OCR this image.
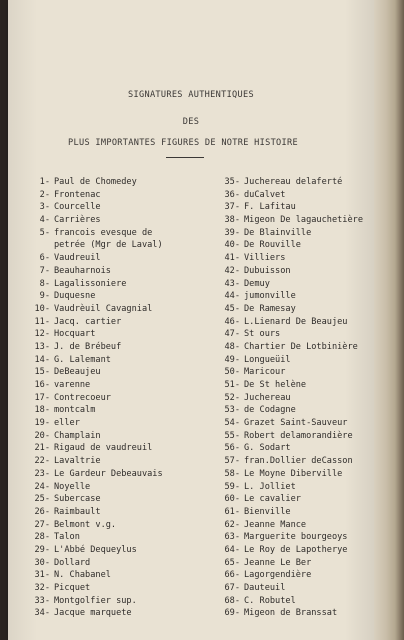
SIGNATURES AUTHENTIQUES
DES
PLUS IMPORTANTES FIGURES DE NOTRE HISTOIRE
1- Paul de Chomedey
2- Frontenac
3- Courcelle
4- Carrières
5- francois evesque de
petrée (Mgr de Laval)
6- Vaudreuil
7- Beauharnois
8- Lagalissoniere
9- Duquesne
10- Vaudrèuil Cavagnial
11- Jacq. cartier
12- Hocquart
13- J. de Brébeuf
14- G. Lalemant
15- DeBeaujeu
16- varenne
17- Contrecoeur
18- montcalm
19- eller
20- Champlain
21- Rigaud de vaudreuil
22- Lavaltrie
23- Le Gardeur Debeauvais
24- Noyelle
25- Subercase
26- Raimbault
27- Belmont v.g.
28- Talon
29- L'Abbé Dequeylus
30- Dollard
31- N. Chabanel
32- Picquet
33- Montgolfier sup.
34- Jacque marquete
35- Juchereau delaferté
36- duCalvet
37- F. Lafitau
38- Migeon De lagauchetière
39- De Blainville
40- De Rouville
41- Villiers
42- Dubuisson
43- Demuy
44- jumonville
45- De Ramesay
46- L.Lienard De Beaujeu
47- St ours
48- Chartier De Lotbinière
49- Longueüil
50- Maricour
51- De St helène
52- Juchereau
53- de Codagne
54- Grazet Saint-Sauveur
55- Robert delamorandière
56- G. Sodart
57- fran.Dollier deCasson
58- Le Moyne Diberville
59- L. Jolliet
60- Le cavalier
61- Bienville
62- Jeanne Mance
63- Marguerite bourgeoys
64- Le Roy de Lapotherye
65- Jeanne Le Ber
66- Lagorgendière
67- Dauteuil
68- C. Robutel
69- Migeon de Branssat
